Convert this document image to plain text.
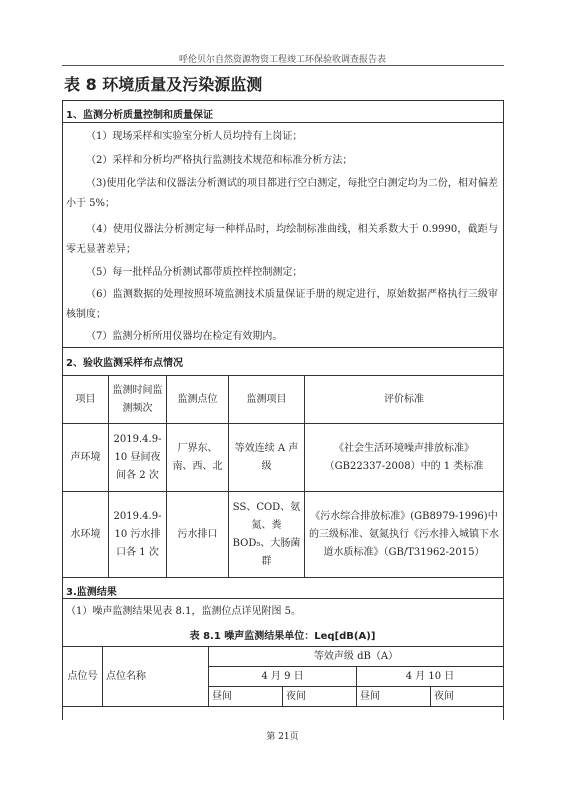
呼伦贝尔自然资源物资工程竣工环保验收调查报告表
表 8 环境质量及污染源监测
1、监测分析质量控制和质量保证
（1）现场采样和实验室分析人员均持有上岗证；
（2）采样和分析均严格执行监测技术规范和标准分析方法；
（3)使用化学法和仪器法分析测试的项目都进行空白测定，每批空白测定均为二份，相对偏差小于 5%；
（4）使用仪器法分析测定每一种样品时，均绘制标准曲线，相关系数大于 0.9990，截距与零无显著差异；
（5）每一批样品分析测试都带质控样控制测定；
（6）监测数据的处理按照环境监测技术质量保证手册的规定进行，原始数据严格执行三级审核制度；
（7）监测分析所用仪器均在检定有效期内。
2、验收监测采样布点情况
项目	监测时间监测频次	监测点位	监测项目	评价标准
声环境	2019.4.9-10 昼间夜间各 2 次	厂界东、南、西、北	等效连续 A 声级	《社会生活环境噪声排放标准》（GB22337-2008）中的 1 类标准
水环境	2019.4.9-10 污水排口各 1 次	污水排口	SS、COD、氨氮、粪 BOD₅、大肠菌群	《污水综合排放标准》(GB8979-1996)中的三级标准、氨氮执行《污水排入城镇下水道水质标准》（GB/T31962-2015）
3.监测结果
（1）噪声监测结果见表 8.1，监测位点详见附图 5。
表 8.1 噪声监测结果单位：Leq[dB(A)]
点位号	点位名称	等效声级 dB（A）			
		4 月 9 日		4 月 10 日	
		昼间	夜间	昼间	夜间
第 21页
